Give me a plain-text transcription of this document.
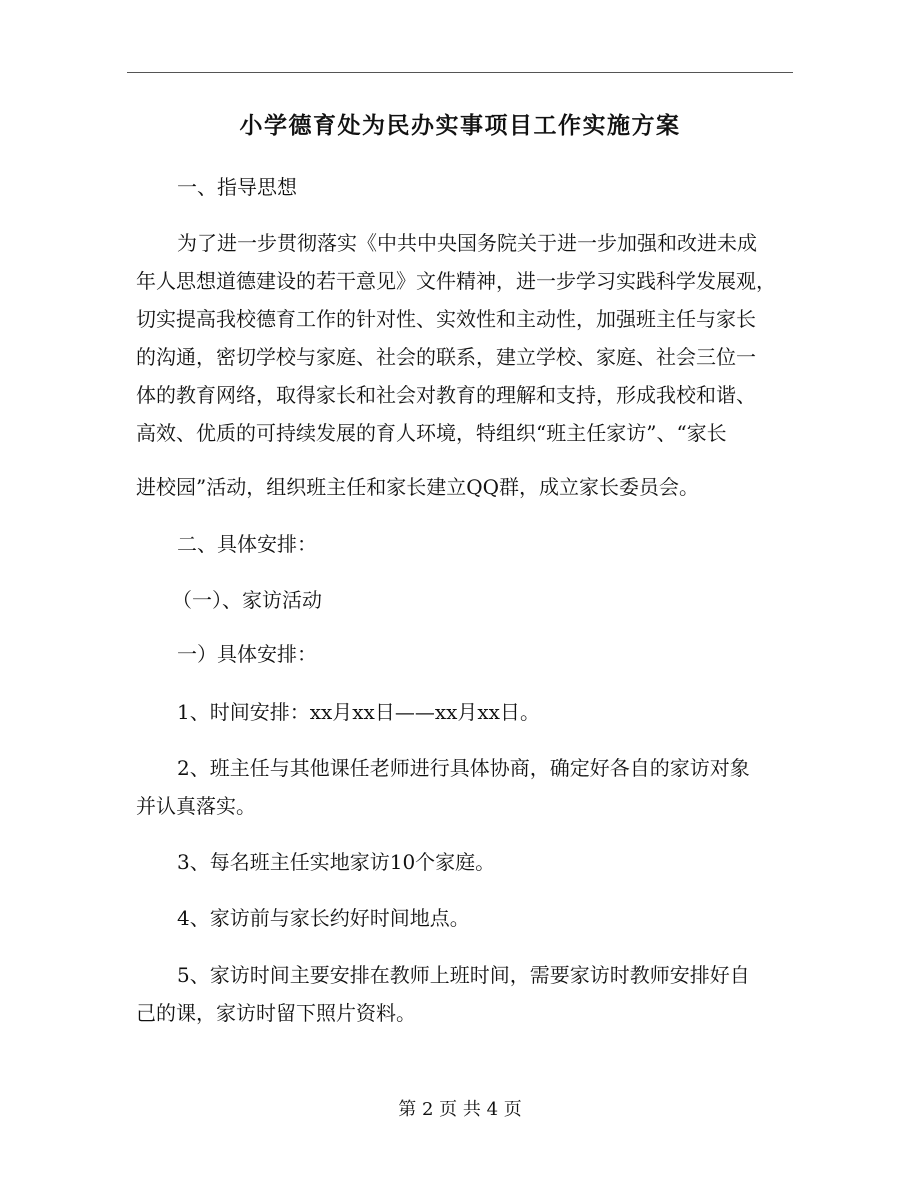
小学德育处为民办实事项目工作实施方案
一、指导思想
为了进一步贯彻落实《中共中央国务院关于进一步加强和改进未成
年人思想道德建设的若干意见》文件精神，进一步学习实践科学发展观，
切实提高我校德育工作的针对性、实效性和主动性，加强班主任与家长
的沟通，密切学校与家庭、社会的联系，建立学校、家庭、社会三位一
体的教育网络，取得家长和社会对教育的理解和支持，形成我校和谐、
高效、优质的可持续发展的育人环境，特组织“班主任家访”、“家长
进校园”活动，组织班主任和家长建立QQ群，成立家长委员会。
二、具体安排：
（一）、家访活动
一）具体安排：
1、时间安排：xx月xx日——xx月xx日。
2、班主任与其他课任老师进行具体协商，确定好各自的家访对象
并认真落实。
3、每名班主任实地家访10个家庭。
4、家访前与家长约好时间地点。
5、家访时间主要安排在教师上班时间，需要家访时教师安排好自
己的课，家访时留下照片资料。
第 2 页 共 4 页
